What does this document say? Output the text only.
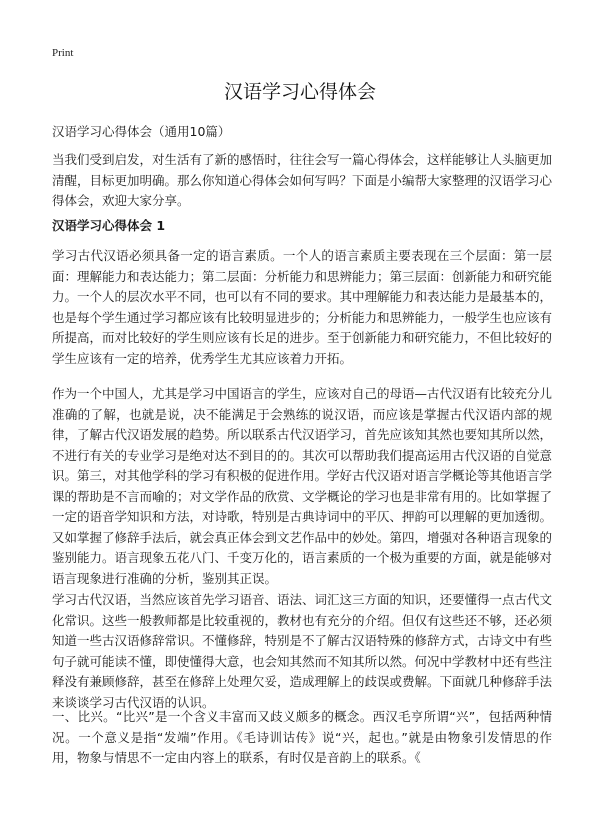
Print
汉语学习心得体会
汉语学习心得体会（通用10篇）

当我们受到启发，对生活有了新的感悟时，往往会写一篇心得体会，这样能够让人头脑更加清醒，目标更加明确。那么你知道心得体会如何写吗？下面是小编帮大家整理的汉语学习心得体会，欢迎大家分享。

汉语学习心得体会 1

学习古代汉语必须具备一定的语言素质。一个人的语言素质主要表现在三个层面：第一层面：理解能力和表达能力；第二层面：分析能力和思辨能力；第三层面：创新能力和研究能力。一个人的层次水平不同，也可以有不同的要求。其中理解能力和表达能力是最基本的，也是每个学生通过学习都应该有比较明显进步的；分析能力和思辨能力，一般学生也应该有所提高，而对比较好的学生则应该有长足的进步。至于创新能力和研究能力，不但比较好的学生应该有一定的培养，优秀学生尤其应该着力开拓。

作为一个中国人，尤其是学习中国语言的学生，应该对自己的母语—古代汉语有比较充分儿准确的了解，也就是说，决不能满足于会熟练的说汉语，而应该是掌握古代汉语内部的规律，了解古代汉语发展的趋势。所以联系古代汉语学习，首先应该知其然也要知其所以然，不进行有关的专业学习是绝对达不到目的的。其次可以帮助我们提高运用古代汉语的自觉意识。第三，对其他学科的学习有积极的促进作用。学好古代汉语对语言学概论等其他语言学课的帮助是不言而喻的；对文学作品的欣赏、文学概论的学习也是非常有用的。比如掌握了一定的语音学知识和方法，对诗歌，特别是古典诗词中的平仄、押韵可以理解的更加透彻。又如掌握了修辞手法后，就会真正体会到文艺作品中的妙处。第四，增强对各种语言现象的鉴别能力。语言现象五花八门、千变万化的，语言素质的一个极为重要的方面，就是能够对语言现象进行准确的分析，鉴别其正误。

学习古代汉语，当然应该首先学习语音、语法、词汇这三方面的知识，还要懂得一点古代文化常识。这些一般教师都是比较重视的，教材也有充分的介绍。但仅有这些还不够，还必须知道一些古汉语修辞常识。不懂修辞，特别是不了解古汉语特殊的修辞方式，古诗文中有些句子就可能读不懂，即使懂得大意，也会知其然而不知其所以然。何况中学教材中还有些注释没有兼顾修辞，甚至在修辞上处理欠妥，造成理解上的歧误或费解。下面就几种修辞手法来谈谈学习古代汉语的认识。

一、比兴。“比兴”是一个含义丰富而又歧义颇多的概念。西汉毛亨所谓“兴”，包括两种情况。一个意义是指“发端”作用。《毛诗训诂传》说“兴，起也。”就是由物象引发情思的作用，物象与情思不一定由内容上的联系，有时仅是音韵上的联系。《
